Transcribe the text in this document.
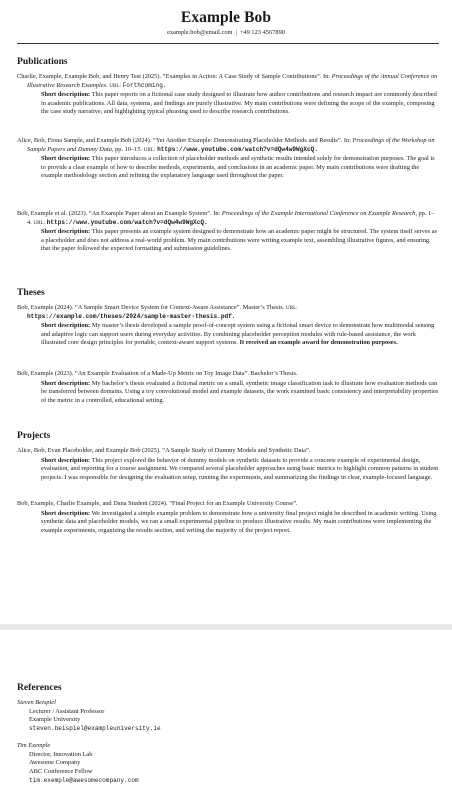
Example Bob
example.bob@email.com | +49 123 4567890
Publications
Charlie, Example, Example Bob, and Henry Test (2025). “Examples in Action: A Case Study of Sample Contributions”. In: Proceedings of the Annual Conference on Illustrative Research Examples. URL: Forthcoming.
Short description: This paper reports on a fictional case study designed to illustrate how author contributions and research impact are commonly described in academic publications. All data, systems, and findings are purely illustrative. My main contributions were defining the scope of the example, composing the case study narrative, and highlighting typical phrasing used to describe research contributions.
Alice, Bob, Fiona Sample, and Example Bob (2024). “Yet Another Example: Demonstrating Placeholder Methods and Results”. In: Proceedings of the Workshop on Sample Papers and Dummy Data, pp. 10–15. URL: https://www.youtube.com/watch?v=dQw4w9WgXcQ.
Short description: This paper introduces a collection of placeholder methods and synthetic results intended solely for demonstration purposes. The goal is to provide a clear example of how to describe methods, experiments, and conclusions in an academic paper. My main contributions were drafting the example methodology section and refining the explanatory language used throughout the paper.
Bob, Example et al. (2023). “An Example Paper about an Example System”. In: Proceedings of the Example International Conference on Example Research, pp. 1–4. URL: https://www.youtube.com/watch?v=dQw4w9WgXcQ.
Short description: This paper presents an example system designed to demonstrate how an academic paper might be structured. The system itself serves as a placeholder and does not address a real-world problem. My main contributions were writing example text, assembling illustrative figures, and ensuring that the paper followed the expected formatting and submission guidelines.
Theses
Bob, Example (2024). “A Sample Smart Device System for Context-Aware Assistance”. Master’s Thesis. URL: https://example.com/theses/2024/sample-master-thesis.pdf.
Short description: My master’s thesis developed a sample proof-of-concept system using a fictional smart device to demonstrate how multimodal sensing and adaptive logic can support users during everyday activities. By combining placeholder perception modules with rule-based assistance, the work illustrated core design principles for portable, context-aware support systems. It received an example award for demonstration purposes.
Bob, Example (2023). “An Example Evaluation of a Made-Up Metric on Toy Image Data”. Bachelor’s Thesis.
Short description: My bachelor’s thesis evaluated a fictional metric on a small, synthetic image classification task to illustrate how evaluation methods can be transferred between domains. Using a toy convolutional model and example datasets, the work examined basic consistency and interpretability properties of the metric in a controlled, educational setting.
Projects
Alice, Bob, Evan Placeholder, and Example Bob (2025). “A Sample Study of Dummy Models and Synthetic Data”.
Short description: This project explored the behavior of dummy models on synthetic datasets to provide a concrete example of experimental design, evaluation, and reporting for a course assignment. We compared several placeholder approaches using basic metrics to highlight common patterns in student projects. I was responsible for designing the evaluation setup, running the experiments, and summarizing the findings in clear, example-focused language.
Bob, Example, Charlie Example, and Dana Student (2024). “Final Project for an Example University Course”.
Short description: We investigated a simple example problem to demonstrate how a university final project might be described in academic writing. Using synthetic data and placeholder models, we ran a small experimental pipeline to produce illustrative results. My main contributions were implementing the example experiments, organizing the results section, and writing the majority of the project report.
References
Steven Beispiel
Lecturer / Assistant Professor
Example University
steven.beispiel@exampleuniversity.ie
Tim Exemple
Director, Innovation Lab
Awesome Company
ABC Conference Fellow
tim.exemple@awesomecompany.com
